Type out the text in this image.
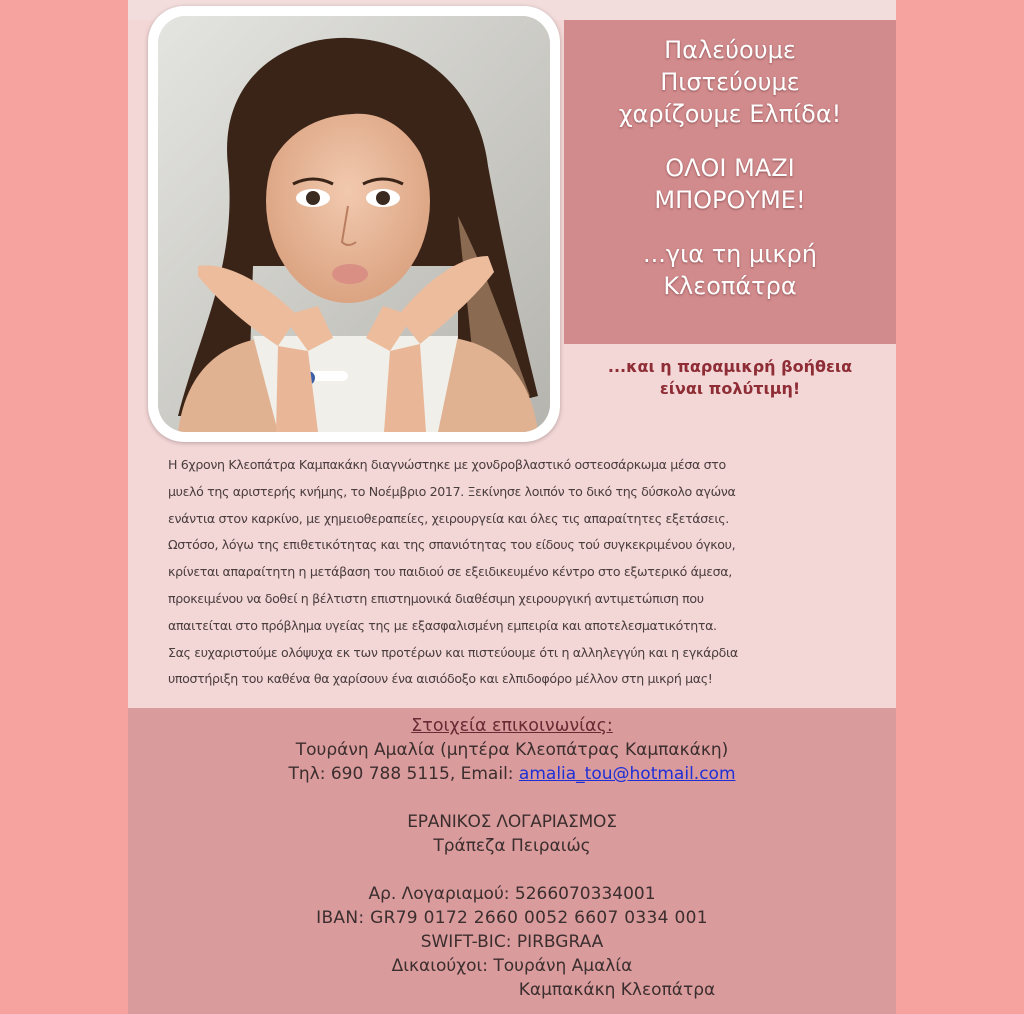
Παλεύουμε
Πιστεύουμε
χαρίζουμε Ελπίδα!
ΟΛΟΙ ΜΑΖΙ
ΜΠΟΡΟΥΜΕ!
...για τη μικρή
Κλεοπάτρα
...και η παραμικρή βοήθεια
είναι πολύτιμη!
Η 6χρονη Κλεοπάτρα Καμπακάκη διαγνώστηκε με χονδροβλαστικό οστεοσάρκωμα μέσα στο
μυελό της αριστερής κνήμης, το Νοέμβριο 2017. Ξεκίνησε λοιπόν το δικό της δύσκολο αγώνα
ενάντια στον καρκίνο, με χημειοθεραπείες, χειρουργεία και όλες τις απαραίτητες εξετάσεις.
Ωστόσο, λόγω της επιθετικότητας και της σπανιότητας του είδους τού συγκεκριμένου όγκου,
κρίνεται απαραίτητη η μετάβαση του παιδιού σε εξειδικευμένο κέντρο στο εξωτερικό άμεσα,
προκειμένου να δοθεί η βέλτιστη επιστημονικά διαθέσιμη χειρουργική αντιμετώπιση που
απαιτείται στο πρόβλημα υγείας της με εξασφαλισμένη εμπειρία και αποτελεσματικότητα.
Σας ευχαριστούμε ολόψυχα εκ των προτέρων και πιστεύουμε ότι η αλληλεγγύη και η εγκάρδια
υποστήριξη του καθένα θα χαρίσουν ένα αισιόδοξο και ελπιδοφόρο μέλλον στη μικρή μας!
Στοιχεία επικοινωνίας:
Τουράνη Αμαλία (μητέρα Κλεοπάτρας Καμπακάκη)
Τηλ: 690 788 5115, Email: amalia_tou@hotmail.com
ΕΡΑΝΙΚΟΣ ΛΟΓΑΡΙΑΣΜΟΣ
Τράπεζα Πειραιώς
Αρ. Λογαριαμού: 5266070334001
IBAN: GR79 0172 2660 0052 6607 0334 001
SWIFT-BIC: PIRBGRAA
Δικαιούχοι: Τουράνη Αμαλία
Καμπακάκη Κλεοπάτρα
